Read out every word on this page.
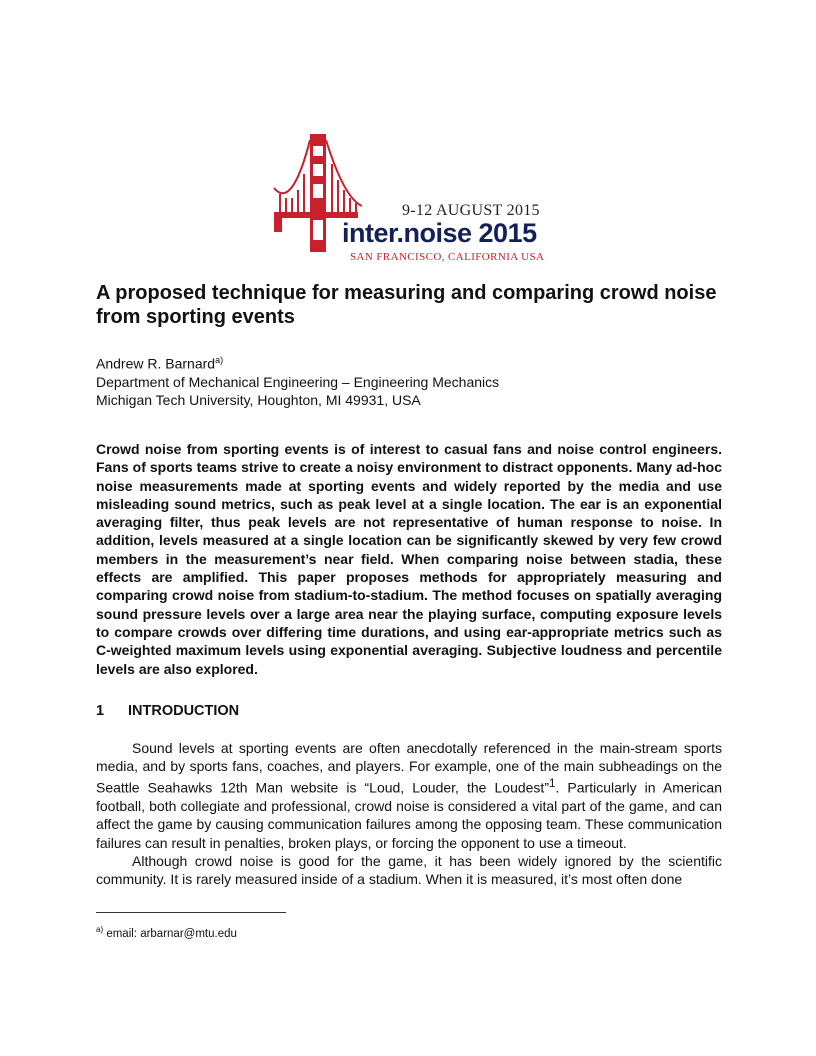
9-12 AUGUST 2015
inter.noise 2015
SAN FRANCISCO, CALIFORNIA USA
A proposed technique for measuring and comparing crowd noise from sporting events
Andrew R. Barnard$^{a)}$
Department of Mechanical Engineering – Engineering Mechanics
Michigan Tech University, Houghton, MI 49931, USA

Crowd noise from sporting events is of interest to casual fans and noise control engineers. Fans of sports teams strive to create a noisy environment to distract opponents. Many ad-hoc noise measurements made at sporting events and widely reported by the media and use misleading sound metrics, such as peak level at a single location. The ear is an exponential averaging filter, thus peak levels are not representative of human response to noise. In addition, levels measured at a single location can be significantly skewed by very few crowd members in the measurement’s near field. When comparing noise between stadia, these effects are amplified. This paper proposes methods for appropriately measuring and comparing crowd noise from stadium-to-stadium. The method focuses on spatially averaging sound pressure levels over a large area near the playing surface, computing exposure levels to compare crowds over differing time durations, and using ear-appropriate metrics such as C-weighted maximum levels using exponential averaging. Subjective loudness and percentile levels are also explored.

1 INTRODUCTION

Sound levels at sporting events are often anecdotally referenced in the main-stream sports media, and by sports fans, coaches, and players. For example, one of the main subheadings on the Seattle Seahawks 12th Man website is “Loud, Louder, the Loudest”$^1$. Particularly in American football, both collegiate and professional, crowd noise is considered a vital part of the game, and can affect the game by causing communication failures among the opposing team. These communication failures can result in penalties, broken plays, or forcing the opponent to use a timeout.

Although crowd noise is good for the game, it has been widely ignored by the scientific community. It is rarely measured inside of a stadium. When it is measured, it’s most often done

$^{a)}$ email: arbarnar@mtu.edu
